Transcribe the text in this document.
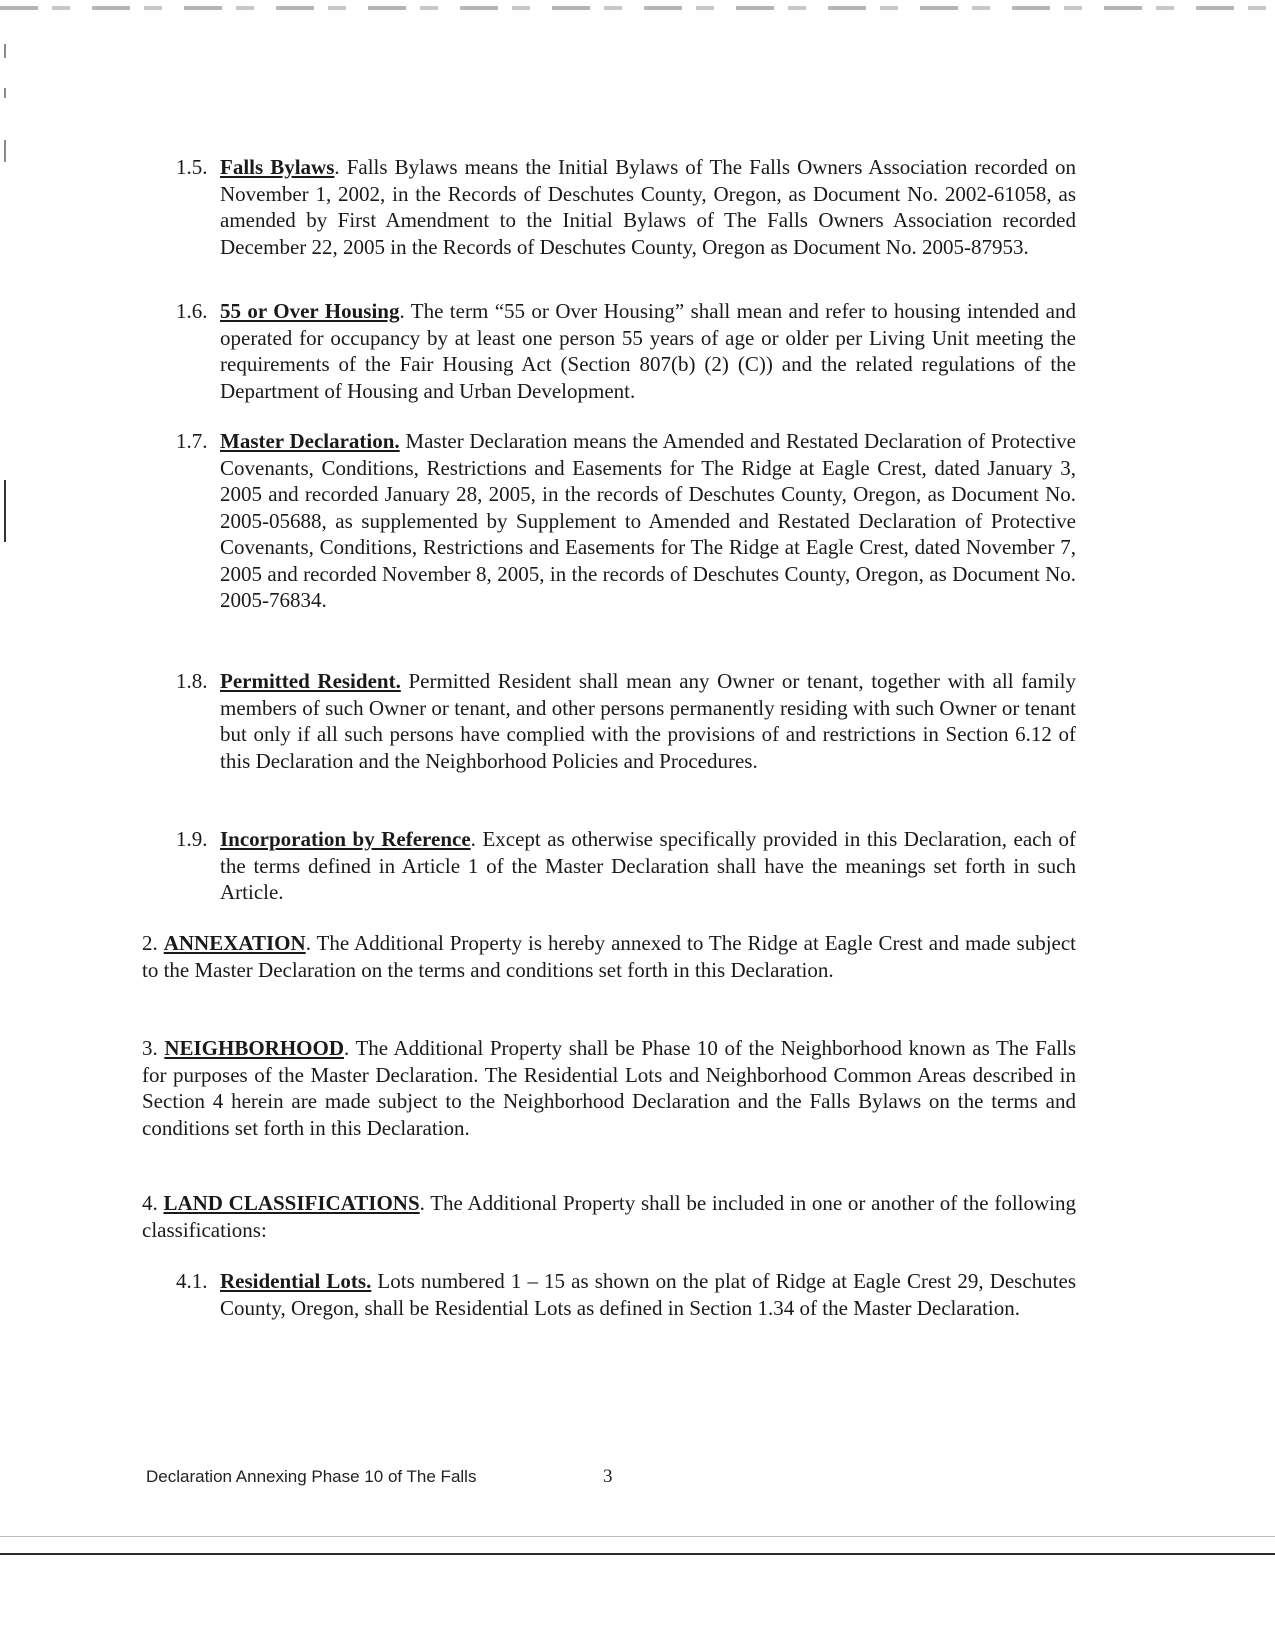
1.5. Falls Bylaws. Falls Bylaws means the Initial Bylaws of The Falls Owners Association recorded on November 1, 2002, in the Records of Deschutes County, Oregon, as Document No. 2002-61058, as amended by First Amendment to the Initial Bylaws of The Falls Owners Association recorded December 22, 2005 in the Records of Deschutes County, Oregon as Document No. 2005-87953.
1.6. 55 or Over Housing. The term “55 or Over Housing” shall mean and refer to housing intended and operated for occupancy by at least one person 55 years of age or older per Living Unit meeting the requirements of the Fair Housing Act (Section 807(b) (2) (C)) and the related regulations of the Department of Housing and Urban Development.
1.7. Master Declaration. Master Declaration means the Amended and Restated Declaration of Protective Covenants, Conditions, Restrictions and Easements for The Ridge at Eagle Crest, dated January 3, 2005 and recorded January 28, 2005, in the records of Deschutes County, Oregon, as Document No. 2005-05688, as supplemented by Supplement to Amended and Restated Declaration of Protective Covenants, Conditions, Restrictions and Easements for The Ridge at Eagle Crest, dated November 7, 2005 and recorded November 8, 2005, in the records of Deschutes County, Oregon, as Document No. 2005-76834.
1.8. Permitted Resident. Permitted Resident shall mean any Owner or tenant, together with all family members of such Owner or tenant, and other persons permanently residing with such Owner or tenant but only if all such persons have complied with the provisions of and restrictions in Section 6.12 of this Declaration and the Neighborhood Policies and Procedures.
1.9. Incorporation by Reference. Except as otherwise specifically provided in this Declaration, each of the terms defined in Article 1 of the Master Declaration shall have the meanings set forth in such Article.

2. ANNEXATION. The Additional Property is hereby annexed to The Ridge at Eagle Crest and made subject to the Master Declaration on the terms and conditions set forth in this Declaration.

3. NEIGHBORHOOD. The Additional Property shall be Phase 10 of the Neighborhood known as The Falls for purposes of the Master Declaration. The Residential Lots and Neighborhood Common Areas described in Section 4 herein are made subject to the Neighborhood Declaration and the Falls Bylaws on the terms and conditions set forth in this Declaration.

4. LAND CLASSIFICATIONS. The Additional Property shall be included in one or another of the following classifications:

4.1. Residential Lots. Lots numbered 1 – 15 as shown on the plat of Ridge at Eagle Crest 29, Deschutes County, Oregon, shall be Residential Lots as defined in Section 1.34 of the Master Declaration.
Declaration Annexing Phase 10 of The Falls	3
